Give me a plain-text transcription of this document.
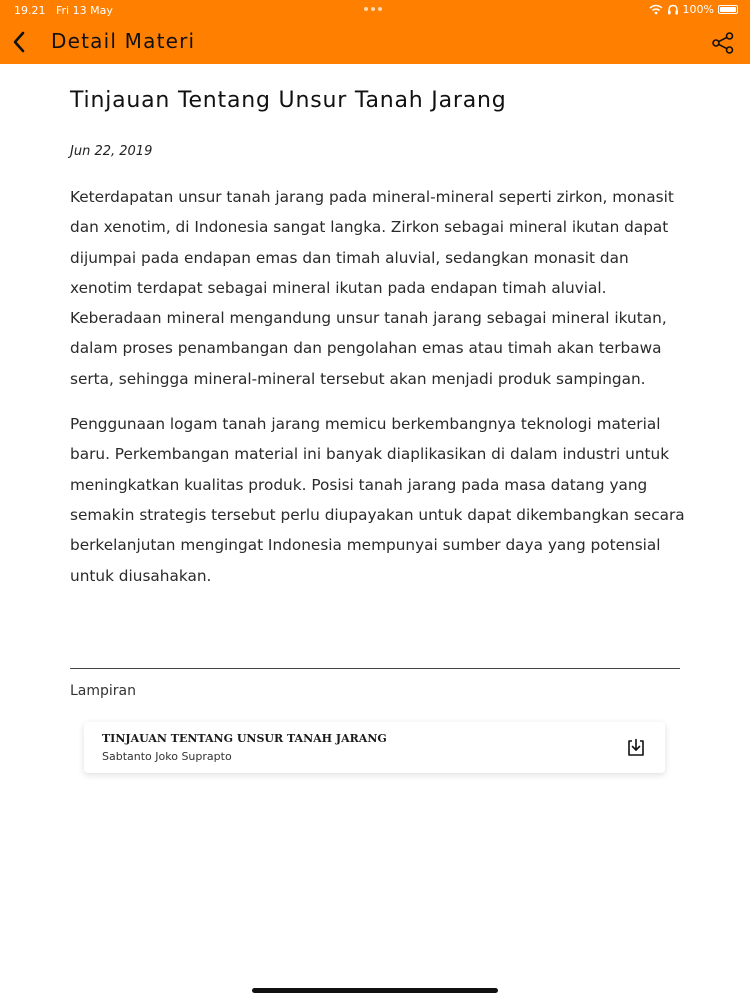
19.21 Fri 13 May	100%
Detail Materi
Tinjauan Tentang Unsur Tanah Jarang
Jun 22, 2019

Keterdapatan unsur tanah jarang pada mineral-mineral seperti zirkon, monasit dan xenotim, di Indonesia sangat langka. Zirkon sebagai mineral ikutan dapat dijumpai pada endapan emas dan timah aluvial, sedangkan monasit dan xenotim terdapat sebagai mineral ikutan pada endapan timah aluvial. Keberadaan mineral mengandung unsur tanah jarang sebagai mineral ikutan, dalam proses penambangan dan pengolahan emas atau timah akan terbawa serta, sehingga mineral-mineral tersebut akan menjadi produk sampingan.

Penggunaan logam tanah jarang memicu berkembangnya teknologi material baru. Perkembangan material ini banyak diaplikasikan di dalam industri untuk meningkatkan kualitas produk. Posisi tanah jarang pada masa datang yang semakin strategis tersebut perlu diupayakan untuk dapat dikembangkan secara berkelanjutan mengingat Indonesia mempunyai sumber daya yang potensial untuk diusahakan.

Lampiran
TINJAUAN TENTANG UNSUR TANAH JARANG
Sabtanto Joko Suprapto
